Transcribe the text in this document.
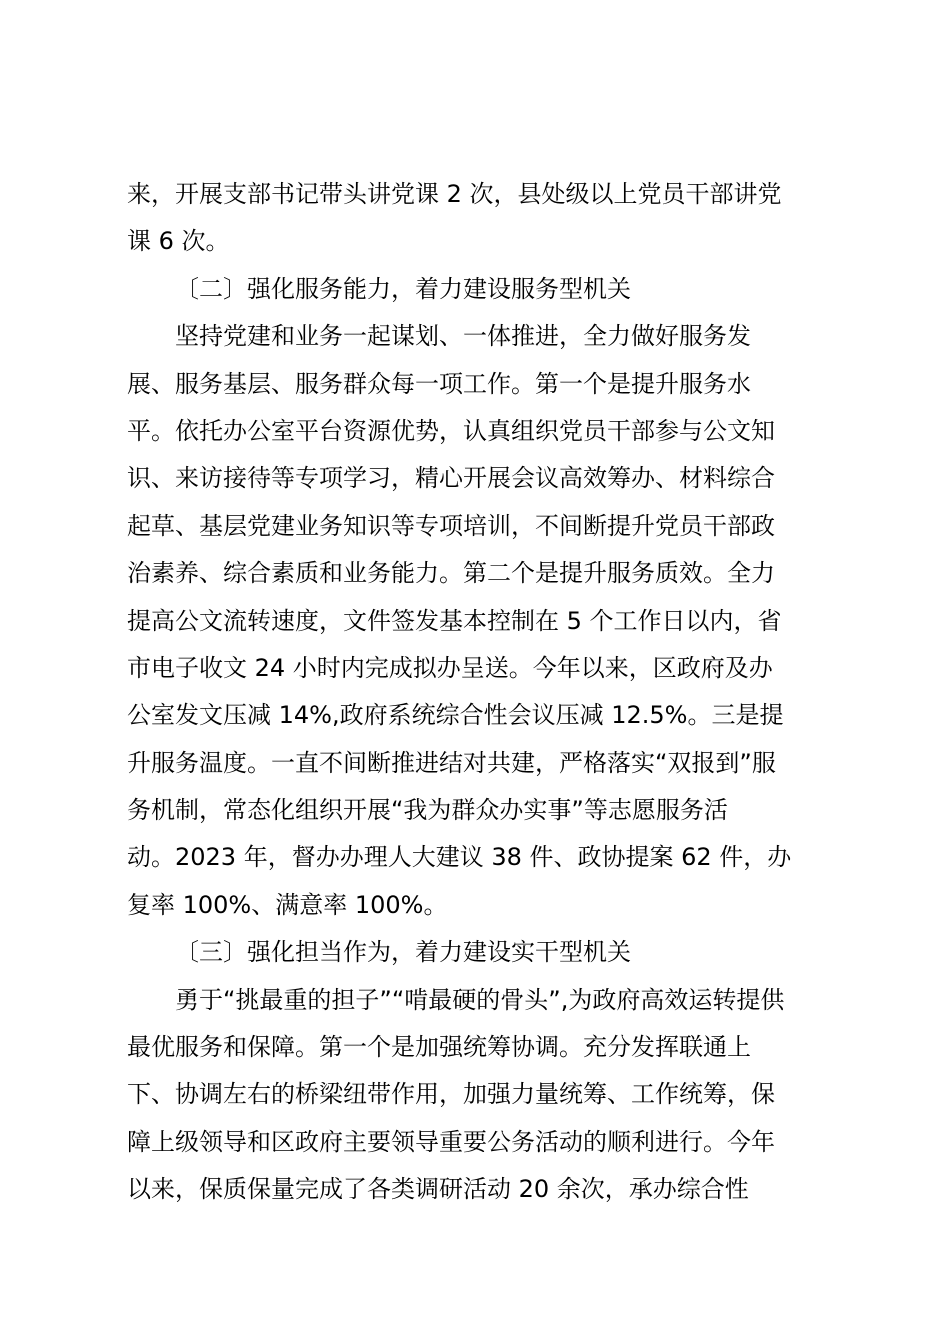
来，开展支部书记带头讲党课 2 次，县处级以上党员干部讲党
课 6 次。
〔二〕强化服务能力，着力建设服务型机关
坚持党建和业务一起谋划、一体推进，全力做好服务发
展、服务基层、服务群众每一项工作。第一个是提升服务水
平。依托办公室平台资源优势，认真组织党员干部参与公文知
识、来访接待等专项学习，精心开展会议高效筹办、材料综合
起草、基层党建业务知识等专项培训，不间断提升党员干部政
治素养、综合素质和业务能力。第二个是提升服务质效。全力
提高公文流转速度，文件签发基本控制在 5 个工作日以内，省
市电子收文 24 小时内完成拟办呈送。今年以来，区政府及办
公室发文压减 14%,政府系统综合性会议压减 12.5%。三是提
升服务温度。一直不间断推进结对共建，严格落实“双报到”服
务机制，常态化组织开展“我为群众办实事”等志愿服务活
动。2023 年，督办办理人大建议 38 件、政协提案 62 件，办
复率 100%、满意率 100%。
〔三〕强化担当作为，着力建设实干型机关
勇于“挑最重的担子”“啃最硬的骨头”,为政府高效运转提供
最优服务和保障。第一个是加强统筹协调。充分发挥联通上
下、协调左右的桥梁纽带作用，加强力量统筹、工作统筹，保
障上级领导和区政府主要领导重要公务活动的顺利进行。今年
以来，保质保量完成了各类调研活动 20 余次，承办综合性
